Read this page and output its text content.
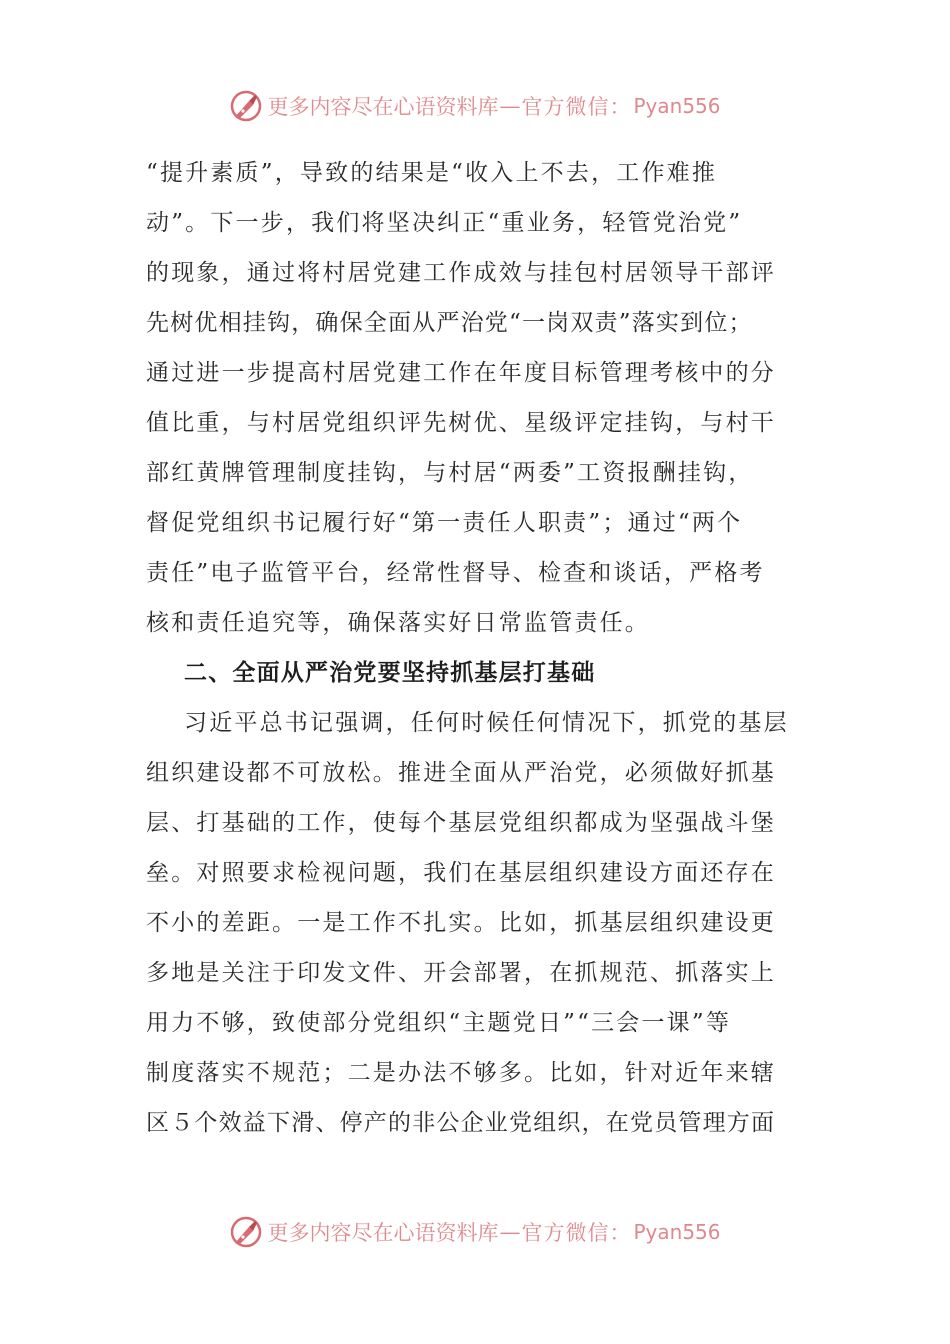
更多内容尽在心语资料库 — 官方微信： Pyan556
“提升素质”，导致的结果是“收入上不去，工作难推
动”。下一步，我们将坚决纠正“重业务，轻管党治党”
的现象，通过将村居党建工作成效与挂包村居领导干部评
先树优相挂钩，确保全面从严治党“一岗双责”落实到位；
通过进一步提高村居党建工作在年度目标管理考核中的分
值比重，与村居党组织评先树优、星级评定挂钩，与村干
部红黄牌管理制度挂钩，与村居“两委”工资报酬挂钩，
督促党组织书记履行好“第一责任人职责”；通过“两个
责任”电子监管平台，经常性督导、检查和谈话，严格考
核和责任追究等，确保落实好日常监管责任。
二、全面从严治党要坚持抓基层打基础
习近平总书记强调，任何时候任何情况下，抓党的基层
组织建设都不可放松。推进全面从严治党，必须做好抓基
层、打基础的工作，使每个基层党组织都成为坚强战斗堡
垒。对照要求检视问题，我们在基层组织建设方面还存在
不小的差距。一是工作不扎实。比如，抓基层组织建设更
多地是关注于印发文件、开会部署，在抓规范、抓落实上
用力不够，致使部分党组织“主题党日”“三会一课”等
制度落实不规范；二是办法不够多。比如，针对近年来辖
区５个效益下滑、停产的非公企业党组织，在党员管理方面
更多内容尽在心语资料库 — 官方微信： Pyan556
